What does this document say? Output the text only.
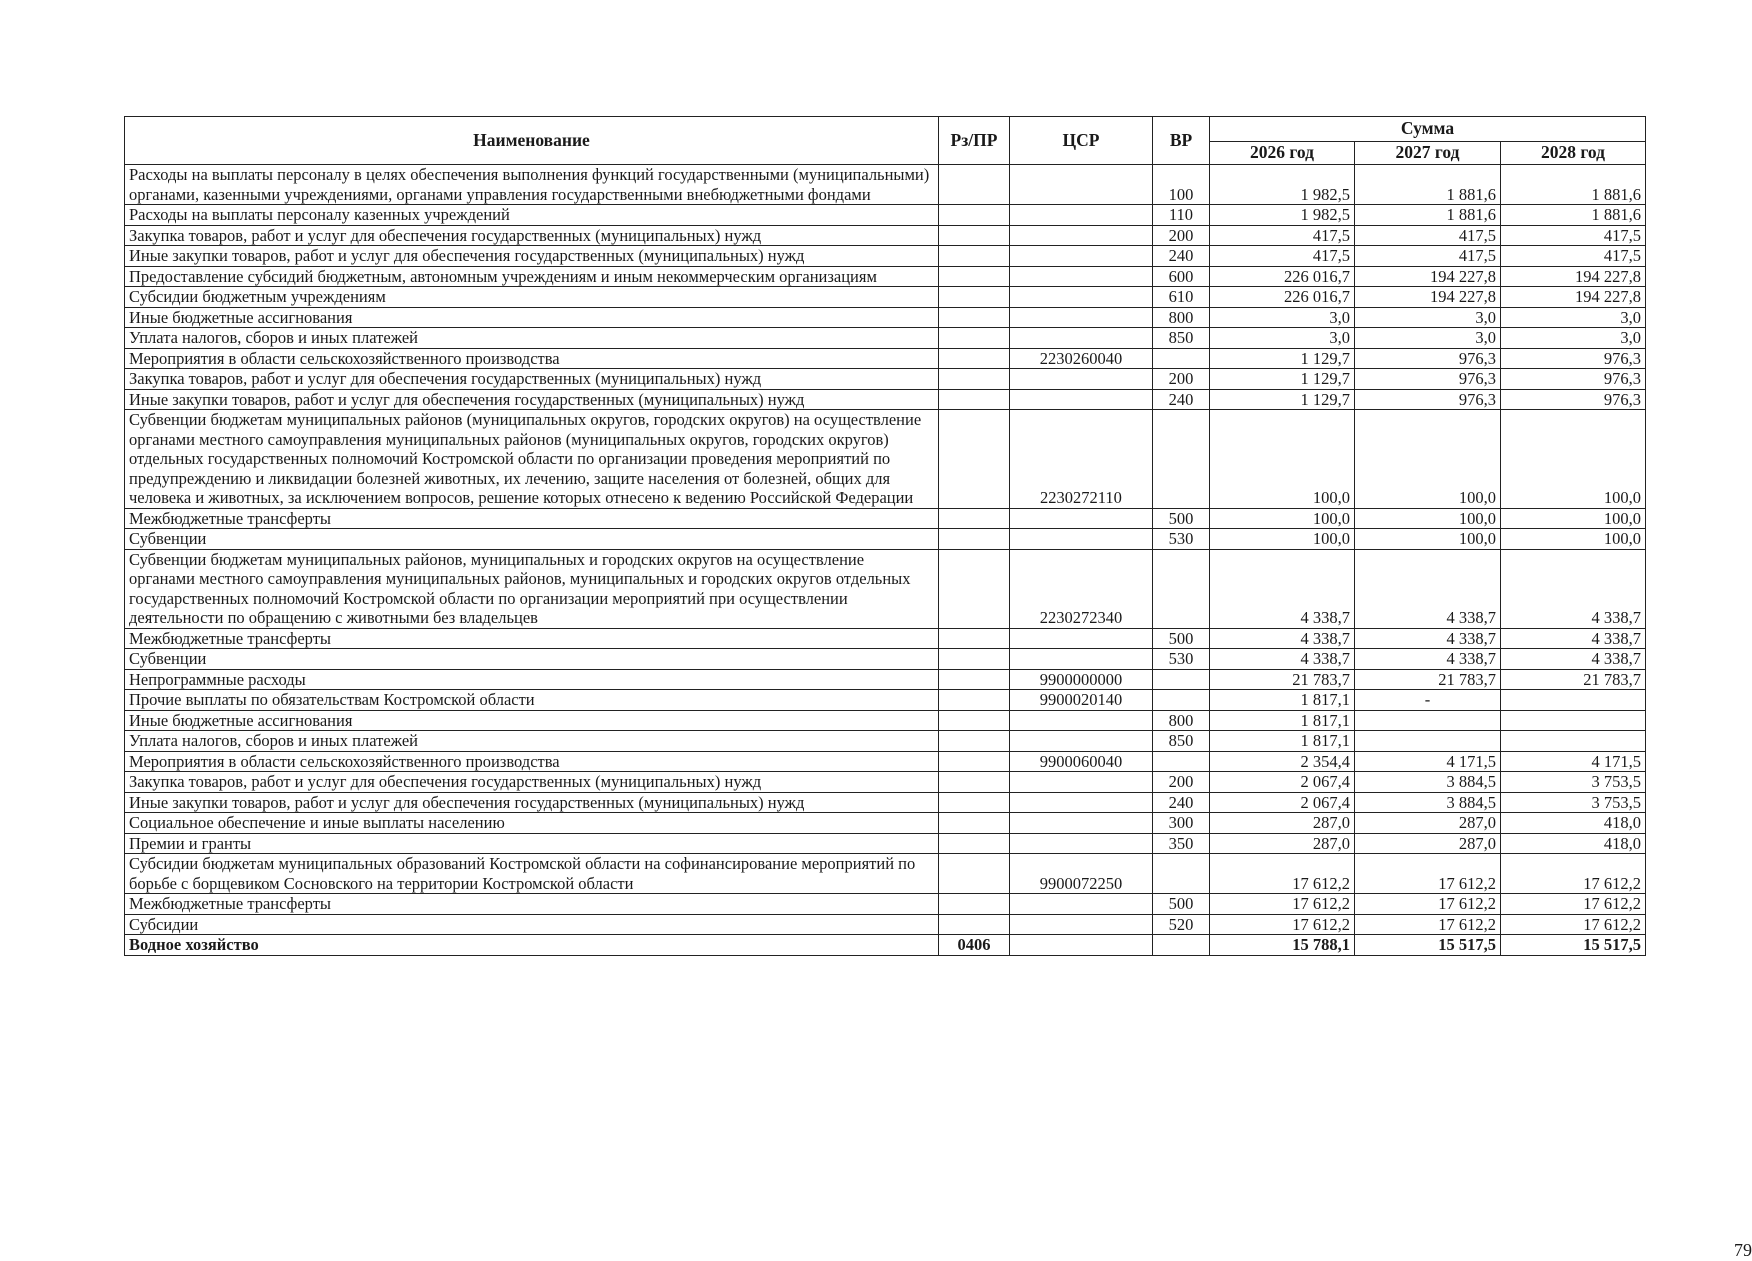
Наименование	Рз/ПР	ЦСР	ВР	Сумма		
				2026 год	2027 год	2028 год
Расходы на выплаты персоналу в целях обеспечения выполнения функций государственными (муниципальными) органами, казенными учреждениями, органами управления государственными внебюджетными фондами			100	1 982,5	1 881,6	1 881,6
Расходы на выплаты персоналу казенных учреждений			110	1 982,5	1 881,6	1 881,6
Закупка товаров, работ и услуг для обеспечения государственных (муниципальных) нужд			200	417,5	417,5	417,5
Иные закупки товаров, работ и услуг для обеспечения государственных (муниципальных) нужд			240	417,5	417,5	417,5
Предоставление субсидий бюджетным, автономным учреждениям и иным некоммерческим организациям			600	226 016,7	194 227,8	194 227,8
Субсидии бюджетным учреждениям			610	226 016,7	194 227,8	194 227,8
Иные бюджетные ассигнования			800	3,0	3,0	3,0
Уплата налогов, сборов и иных платежей			850	3,0	3,0	3,0
Мероприятия в области сельскохозяйственного производства		2230260040		1 129,7	976,3	976,3
Закупка товаров, работ и услуг для обеспечения государственных (муниципальных) нужд			200	1 129,7	976,3	976,3
Иные закупки товаров, работ и услуг для обеспечения государственных (муниципальных) нужд			240	1 129,7	976,3	976,3
Субвенции бюджетам муниципальных районов (муниципальных округов, городских округов) на осуществление органами местного самоуправления муниципальных районов (муниципальных округов, городских округов) отдельных государственных полномочий Костромской области по организации проведения мероприятий по предупреждению и ликвидации болезней животных, их лечению, защите населения от болезней, общих для человека и животных, за исключением вопросов, решение которых отнесено к ведению Российской Федерации		2230272110		100,0	100,0	100,0
Межбюджетные трансферты			500	100,0	100,0	100,0
Субвенции			530	100,0	100,0	100,0
Субвенции бюджетам муниципальных районов, муниципальных и городских округов на осуществление органами местного самоуправления муниципальных районов, муниципальных и городских округов отдельных государственных полномочий Костромской области по организации мероприятий при осуществлении деятельности по обращению с животными без владельцев		2230272340		4 338,7	4 338,7	4 338,7
Межбюджетные трансферты			500	4 338,7	4 338,7	4 338,7
Субвенции			530	4 338,7	4 338,7	4 338,7
Непрограммные расходы		9900000000		21 783,7	21 783,7	21 783,7
Прочие выплаты по обязательствам Костромской области		9900020140		1 817,1	-	
Иные бюджетные ассигнования			800	1 817,1		
Уплата налогов, сборов и иных платежей			850	1 817,1		
Мероприятия в области сельскохозяйственного производства		9900060040		2 354,4	4 171,5	4 171,5
Закупка товаров, работ и услуг для обеспечения государственных (муниципальных) нужд			200	2 067,4	3 884,5	3 753,5
Иные закупки товаров, работ и услуг для обеспечения государственных (муниципальных) нужд			240	2 067,4	3 884,5	3 753,5
Социальное обеспечение и иные выплаты населению			300	287,0	287,0	418,0
Премии и гранты			350	287,0	287,0	418,0
Субсидии бюджетам муниципальных образований Костромской области на софинансирование мероприятий по борьбе с борщевиком Сосновского на территории Костромской области		9900072250		17 612,2	17 612,2	17 612,2
Межбюджетные трансферты			500	17 612,2	17 612,2	17 612,2
Субсидии			520	17 612,2	17 612,2	17 612,2
Водное хозяйство	0406			15 788,1	15 517,5	15 517,5
79
